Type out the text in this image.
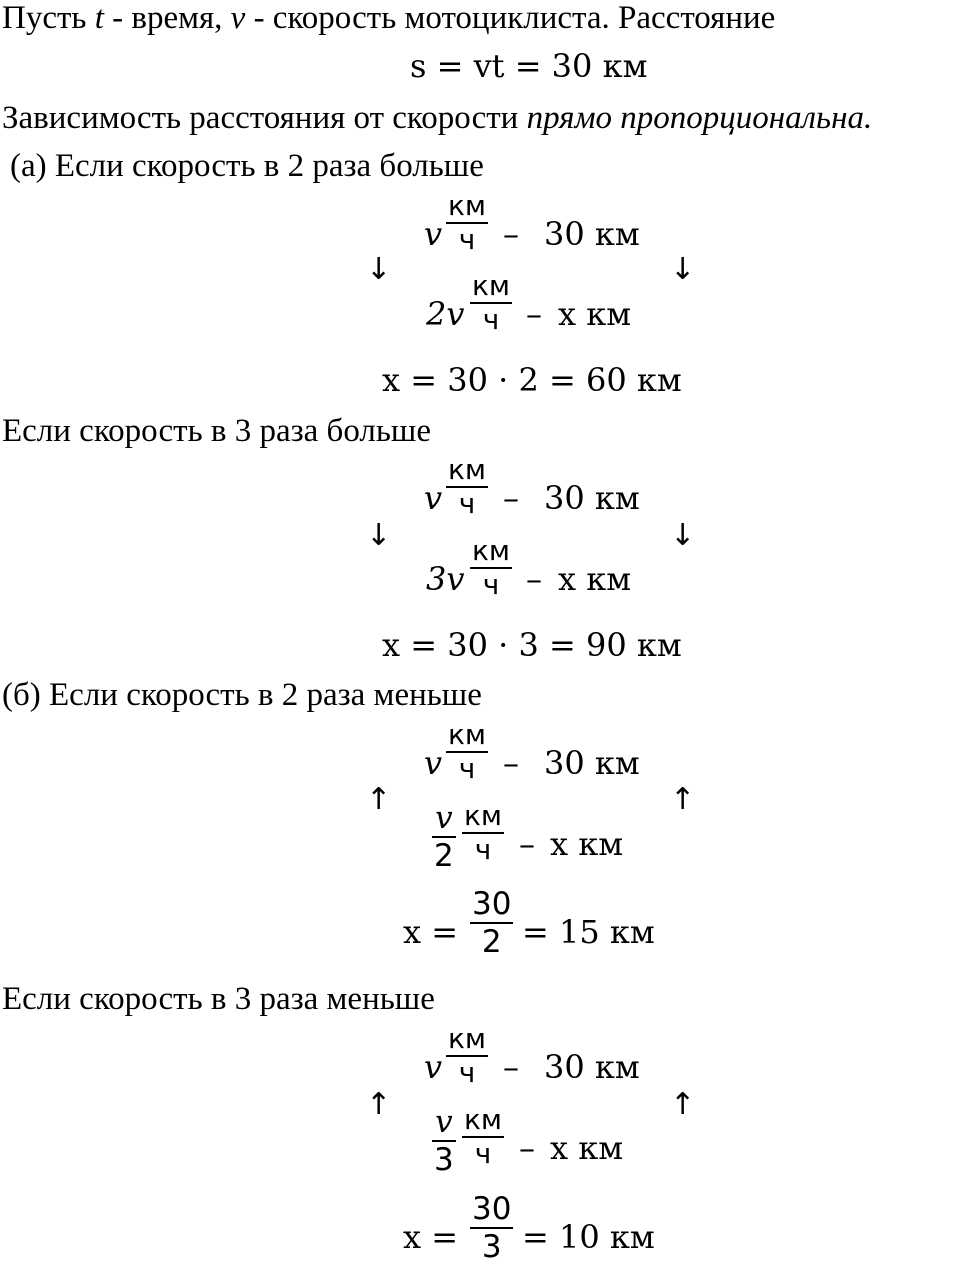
Пусть t - время, v - скорость мотоциклиста. Расстояние
s = vt = 30 км
Зависимость расстояния от скорости прямо пропорциональна.
(а) Если скорость в 2 раза больше
v
км
ч – 30 км
↓	↓
2v
км
ч – x км
x = 30 · 2 = 60 км
Если скорость в 3 раза больше
v
км
ч – 30 км
↓	↓
3v
км
ч – x км
x = 30 · 3 = 90 км
(б) Если скорость в 2 раза меньше
v
км
ч – 30 км
↑	↑
v
2
км
ч – x км
x =
30
2 = 15 км
Если скорость в 3 раза меньше
v
км
ч – 30 км
↑	↑
v
3
км
ч – x км
x =
30
3 = 10 км
